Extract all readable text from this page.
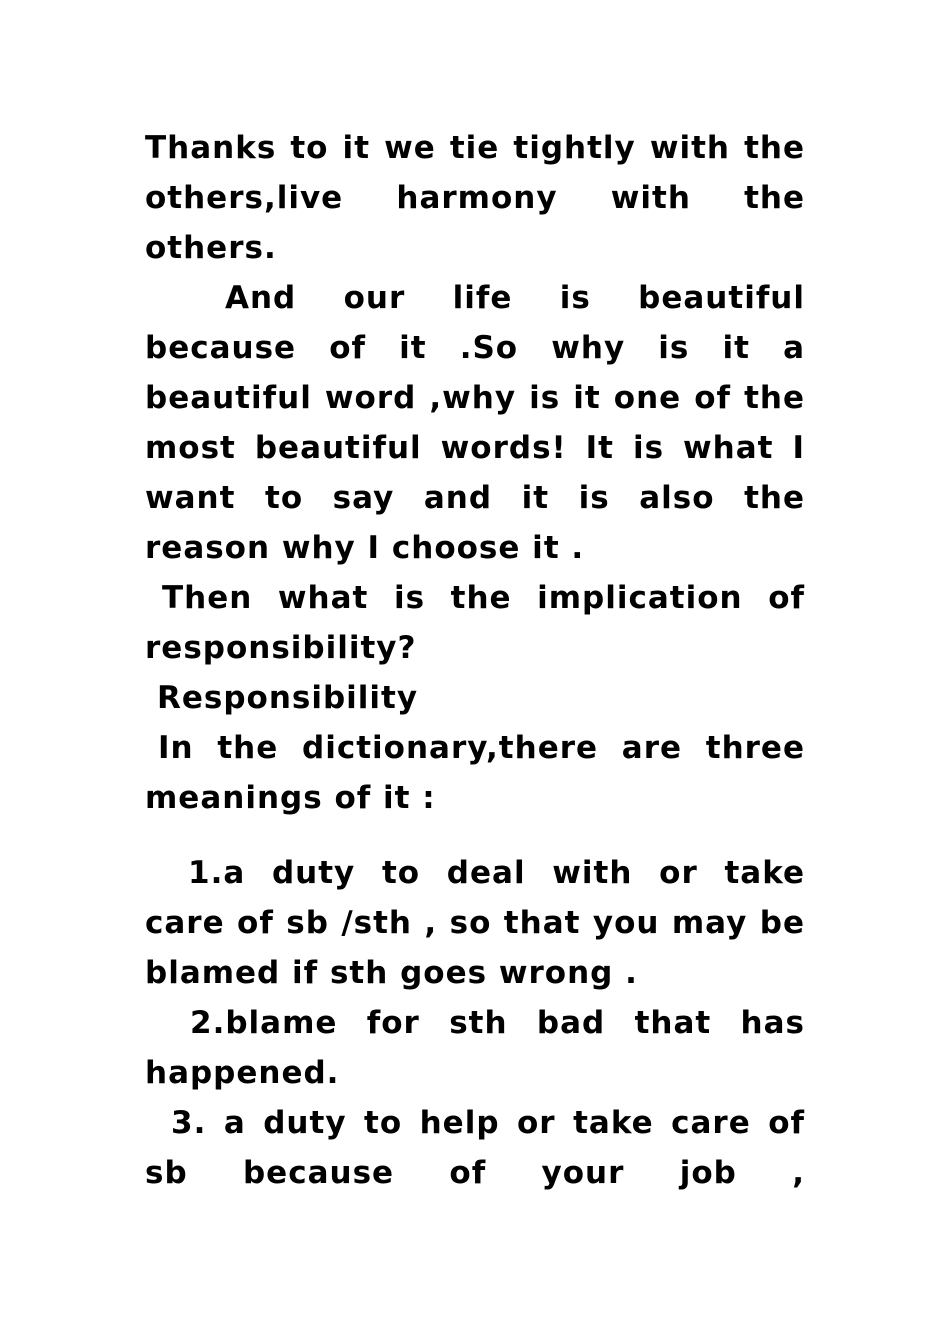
Thanks to it we tie tightly with the others,live harmony with the others.

And our life is beautiful because of it .So why is it a beautiful word ,why is it one of the most beautiful words! It is what I want to say and it is also the reason why I choose it .

Then what is the implication of responsibility?

Responsibility

In the dictionary,there are three meanings of it :

1.a duty to deal with or take care of sb /sth , so that you may be blamed if sth goes wrong .

2.blame for sth bad that has happened.

3. a duty to help or take care of sb because of your job ,
